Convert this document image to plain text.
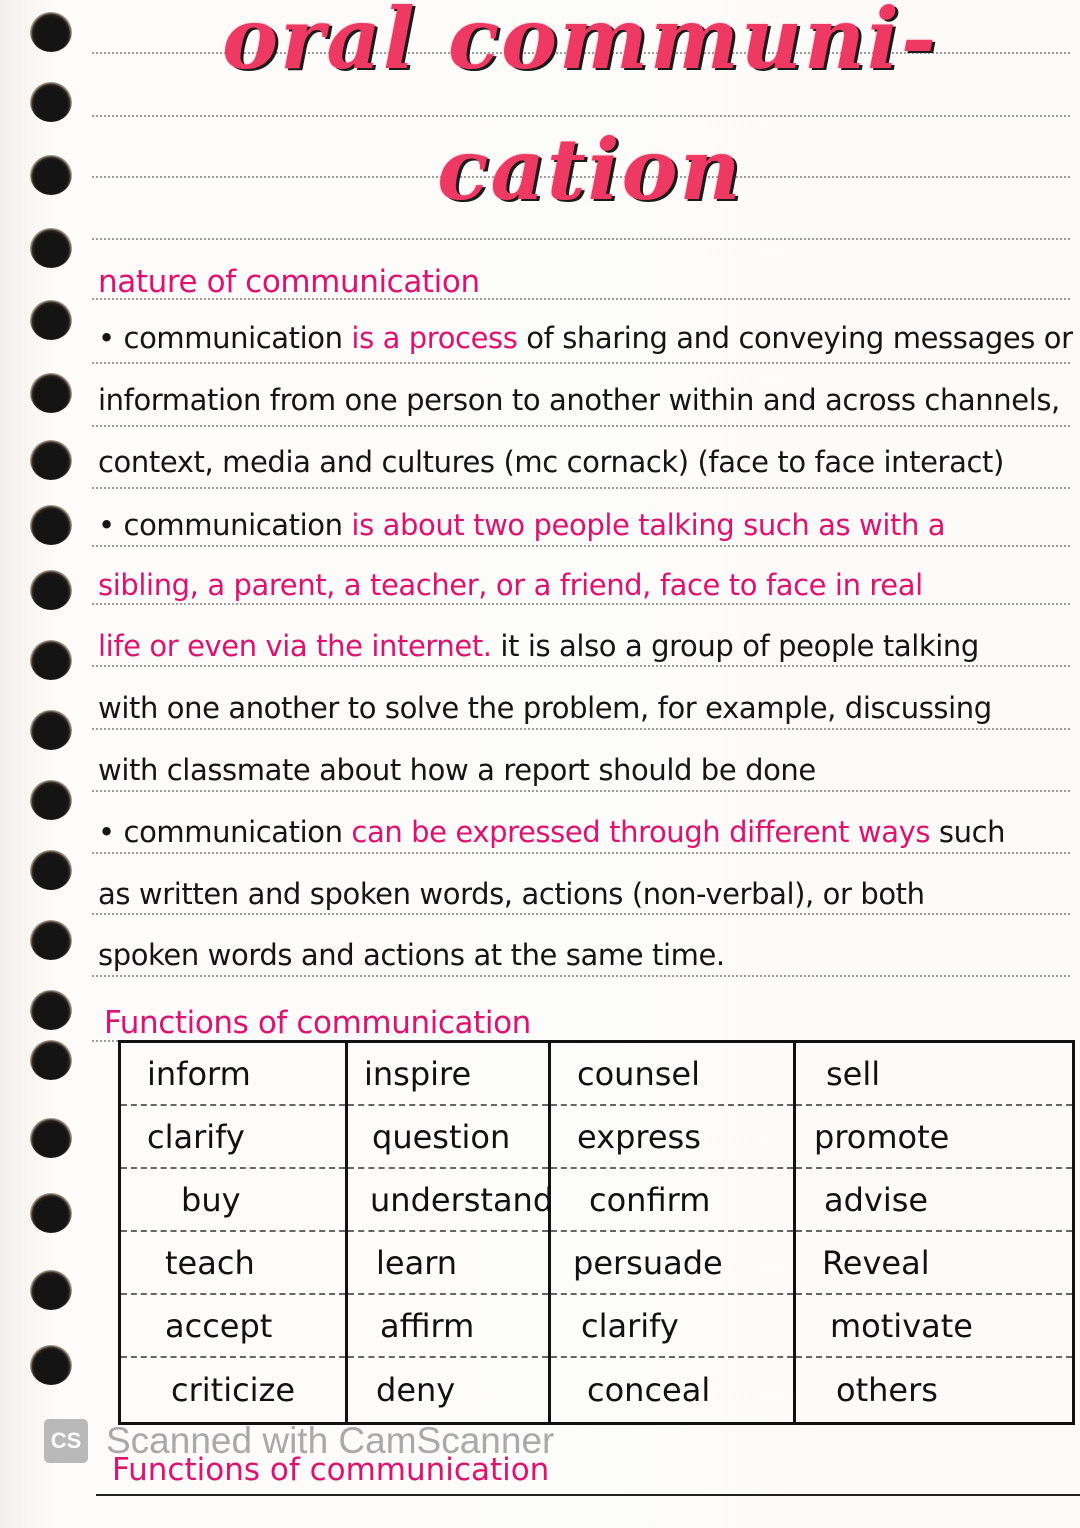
oral communi-
cation
nature of communication
• communication is a process of sharing and conveying messages or
information from one person to another within and across channels,
context, media and cultures (mc cornack) (face to face interact)
• communication is about two people talking such as with a
sibling, a parent, a teacher, or a friend, face to face in real
life or even via the internet. it is also a group of people talking
with one another to solve the problem, for example, discussing
with classmate about how a report should be done
• communication can be expressed through different ways such
as written and spoken words, actions (non-verbal), or both
spoken words and actions at the same time.
Functions of communication
inform
clarify
buy
teach
accept
criticize
inspire
question
understand
learn
affirm
deny
counsel
express
confirm
persuade
clarify
conceal
sell
promote
advise
Reveal
motivate
others
CS Scanned with CamScanner
Functions of communication
